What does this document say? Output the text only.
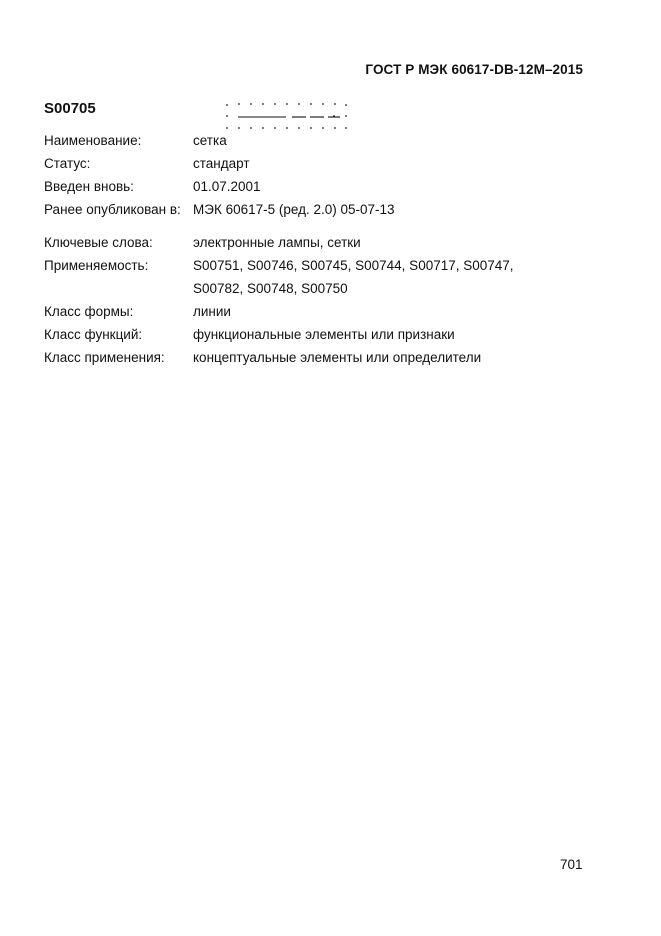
ГОСТ Р МЭК 60617-DB-12M–2015
S00705
Наименование:	сетка
Статус:	стандарт
Введен вновь:	01.07.2001
Ранее опубликован в: МЭК 60617-5 (ред. 2.0) 05-07-13
Ключевые слова:	электронные лампы, сетки
Применяемость:	S00751, S00746, S00745, S00744, S00717, S00747,
S00782, S00748, S00750
Класс формы:	линии
Класс функций:	функциональные элементы или признаки
Класс применения: концептуальные элементы или определители
701
